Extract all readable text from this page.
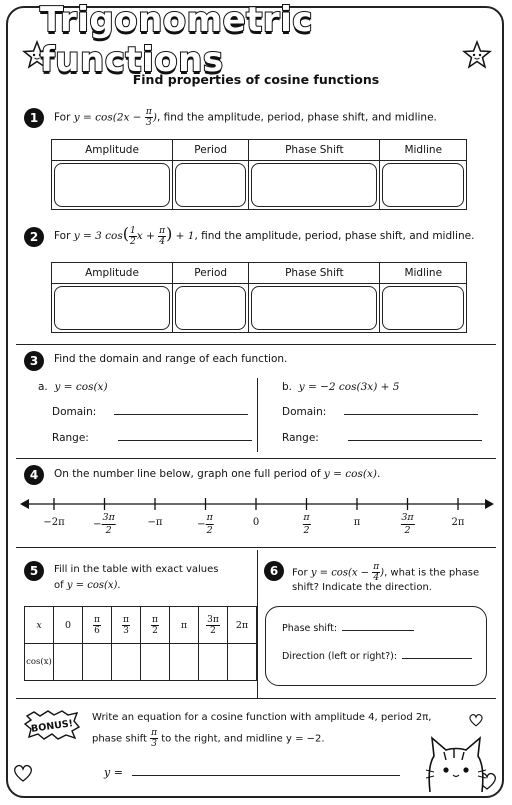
Trigonometric functions
Find properties of cosine functions
1	For $y = \cos(2x - \frac{\pi}{3}$ ), find the amplitude, period, phase shift, and midline.
Amplitude	Period	Phase Shift	Midline

2	For y = 3 $\cos( \frac{1}{2}$ $x + \frac{\pi}{4}$ ) + 1, find the amplitude, period, phase shift, and midline.
Amplitude	Period	Phase Shift	Midline

3	Find the domain and range of each function.
a. y = cos(x)
Domain:
Range:
b. y = −2 cos(3x) + 5
Domain:
Range:
4	On the number line below, graph one full period of y = cos(x).
−2π	− $\frac{3\pi}{2}$	−π	− $\frac{\pi}{2}$	0	$\frac{\pi}{2}$	π	$\frac{3\pi}{2}$	2π
5	Fill in the table with exact values
of y = cos(x).
x	0	$\frac{\pi}{6}$	$\frac{\pi}{3}$	$\frac{\pi}{2}$	π	$\frac{3\pi}{2}$	2π
cos(x)							
6	For $y = \cos(x - \frac{\pi}{4}$ ), what is the phase
shift? Indicate the direction.
Phase shift:
Direction (left or right?):
BONUS!
Write an equation for a cosine function with amplitude 4, period 2π,
phase shift $\frac{\pi}{3}$ to the right, and midline y = −2.
y =
